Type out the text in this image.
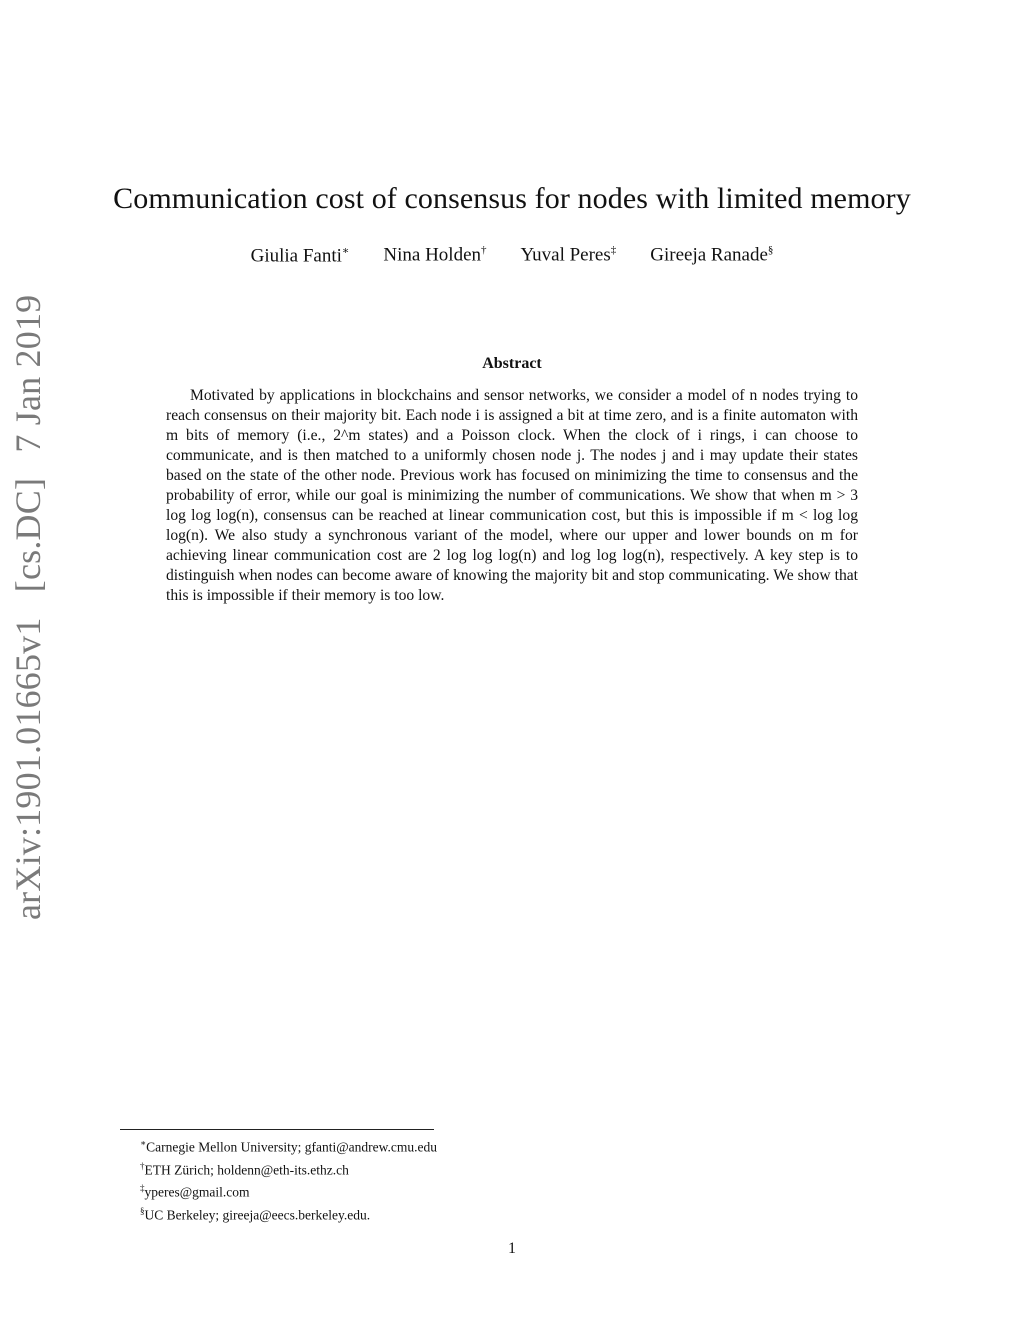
arXiv:1901.01665v1 [cs.DC] 7 Jan 2019
Communication cost of consensus for nodes with limited memory
Giulia Fanti∗ Nina Holden† Yuval Peres‡ Gireeja Ranade§
Abstract

Motivated by applications in blockchains and sensor networks, we consider a model of n nodes trying to reach consensus on their majority bit. Each node i is assigned a bit at time zero, and is a finite automaton with m bits of memory (i.e., 2^m states) and a Poisson clock. When the clock of i rings, i can choose to communicate, and is then matched to a uniformly chosen node j. The nodes j and i may update their states based on the state of the other node. Previous work has focused on minimizing the time to consensus and the probability of error, while our goal is minimizing the number of communications. We show that when m > 3 log log log(n), consensus can be reached at linear communication cost, but this is impossible if m < log log log(n). We also study a synchronous variant of the model, where our upper and lower bounds on m for achieving linear communication cost are 2 log log log(n) and log log log(n), respectively. A key step is to distinguish when nodes can become aware of knowing the majority bit and stop communicating. We show that this is impossible if their memory is too low.

∗Carnegie Mellon University; gfanti@andrew.cmu.edu
†ETH Zürich; holdenn@eth-its.ethz.ch
‡yperes@gmail.com
§UC Berkeley; gireeja@eecs.berkeley.edu.
1
